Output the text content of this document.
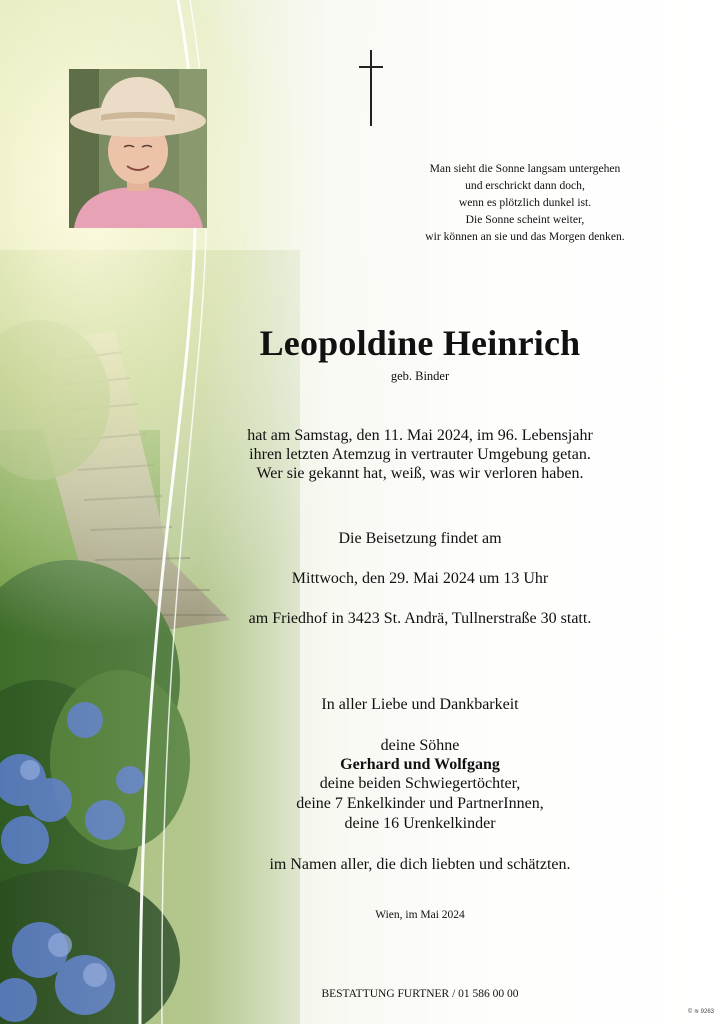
Man sieht die Sonne langsam untergehen
und erschrickt dann doch,
wenn es plötzlich dunkel ist.
Die Sonne scheint weiter,
wir können an sie und das Morgen denken.
Leopoldine Heinrich
geb. Binder
hat am Samstag, den 11. Mai 2024, im 96. Lebensjahr
ihren letzten Atemzug in vertrauter Umgebung getan.
Wer sie gekannt hat, weiß, was wir verloren haben.
Die Beisetzung findet am
Mittwoch, den 29. Mai 2024 um 13 Uhr
am Friedhof in 3423 St. Andrä, Tullnerstraße 30 statt.
In aller Liebe und Dankbarkeit
deine Söhne
Gerhard und Wolfgang
deine beiden Schwiegertöchter,
deine 7 Enkelkinder und PartnerInnen,
deine 16 Urenkelkinder
im Namen aller, die dich liebten und schätzten.
Wien, im Mai 2024
BESTATTUNG FURTNER / 01 586 00 00
© ≋ 9263
